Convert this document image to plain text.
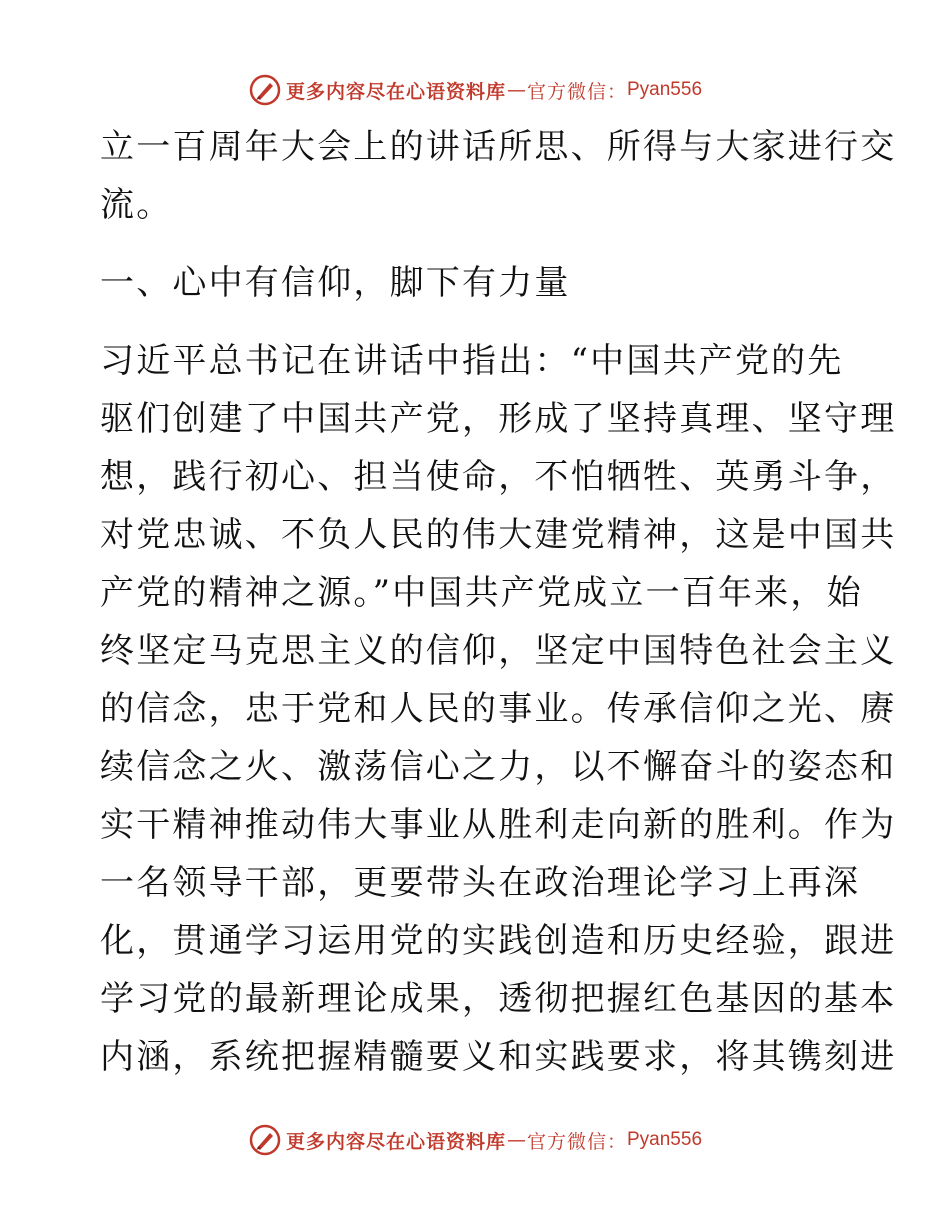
更多内容尽在心语资料库 — 官方微信： Pyan556
立一百周年大会上的讲话所思、所得与大家进行交
流。
一、心中有信仰，脚下有力量
习近平总书记在讲话中指出：“中国共产党的先
驱们创建了中国共产党，形成了坚持真理、坚守理
想，践行初心、担当使命，不怕牺牲、英勇斗争，
对党忠诚、不负人民的伟大建党精神，这是中国共
产党的精神之源。”中国共产党成立一百年来，始
终坚定马克思主义的信仰，坚定中国特色社会主义
的信念，忠于党和人民的事业。传承信仰之光、赓
续信念之火、激荡信心之力，以不懈奋斗的姿态和
实干精神推动伟大事业从胜利走向新的胜利。作为
一名领导干部，更要带头在政治理论学习上再深
化，贯通学习运用党的实践创造和历史经验，跟进
学习党的最新理论成果，透彻把握红色基因的基本
内涵，系统把握精髓要义和实践要求，将其镌刻进
更多内容尽在心语资料库 — 官方微信： Pyan556
